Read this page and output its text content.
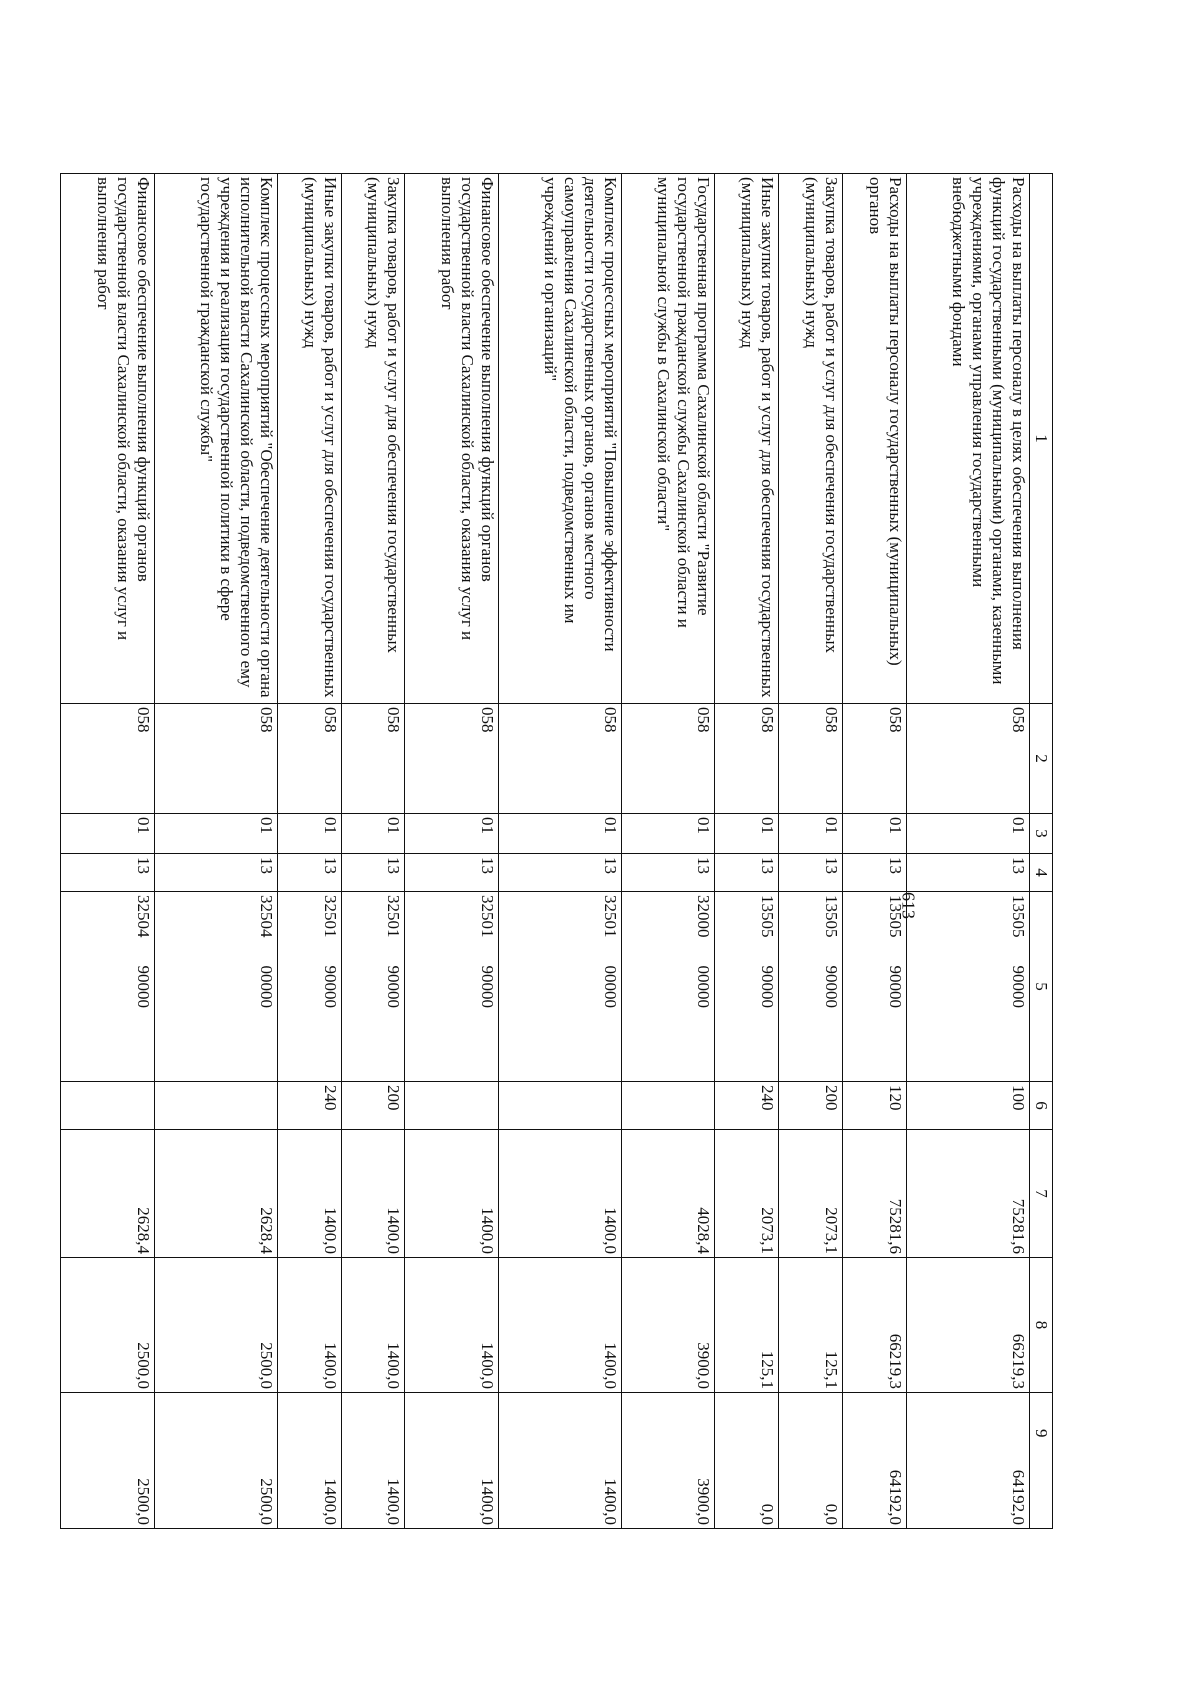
613
1	2	3	4	5	6	7	8	9
Расходы на выплаты персоналу в целях обеспечения выполнения функций государственными (муниципальными) органами, казенными учреждениями, органами управления государственными внебюджетными фондами	058	01	13	1350590000	100	75281,6	66219,3	64192,0
Расходы на выплаты персоналу государственных (муниципальных) органов	058	01	13	1350590000	120	75281,6	66219,3	64192,0
Закупка товаров, работ и услуг для обеспечения государственных (муниципальных) нужд	058	01	13	1350590000	200	2073,1	125,1	0,0
Иные закупки товаров, работ и услуг для обеспечения государственных (муниципальных) нужд	058	01	13	1350590000	240	2073,1	125,1	0,0
Государственная программа Сахалинской области "Развитие государственной гражданской службы Сахалинской области и муниципальной службы в Сахалинской области"	058	01	13	3200000000		4028,4	3900,0	3900,0
Комплекс процессных мероприятий "Повышение эффективности деятельности государственных органов, органов местного самоуправления Сахалинской области, подведомственных им учреждений и организаций"	058	01	13	3250100000		1400,0	1400,0	1400,0
Финансовое обеспечение выполнения функций органов государственной власти Сахалинской области, оказания услуг и выполнения работ	058	01	13	3250190000		1400,0	1400,0	1400,0
Закупка товаров, работ и услуг для обеспечения государственных (муниципальных) нужд	058	01	13	3250190000	200	1400,0	1400,0	1400,0
Иные закупки товаров, работ и услуг для обеспечения государственных (муниципальных) нужд	058	01	13	3250190000	240	1400,0	1400,0	1400,0
Комплекс процессных мероприятий "Обеспечение деятельности органа исполнительной власти Сахалинской области, подведомственного ему учреждения и реализация государственной политики в сфере государственной гражданской службы"	058	01	13	3250400000		2628,4	2500,0	2500,0
Финансовое обеспечение выполнения функций органов государственной власти Сахалинской области, оказания услуг и выполнения работ	058	01	13	3250490000		2628,4	2500,0	2500,0
